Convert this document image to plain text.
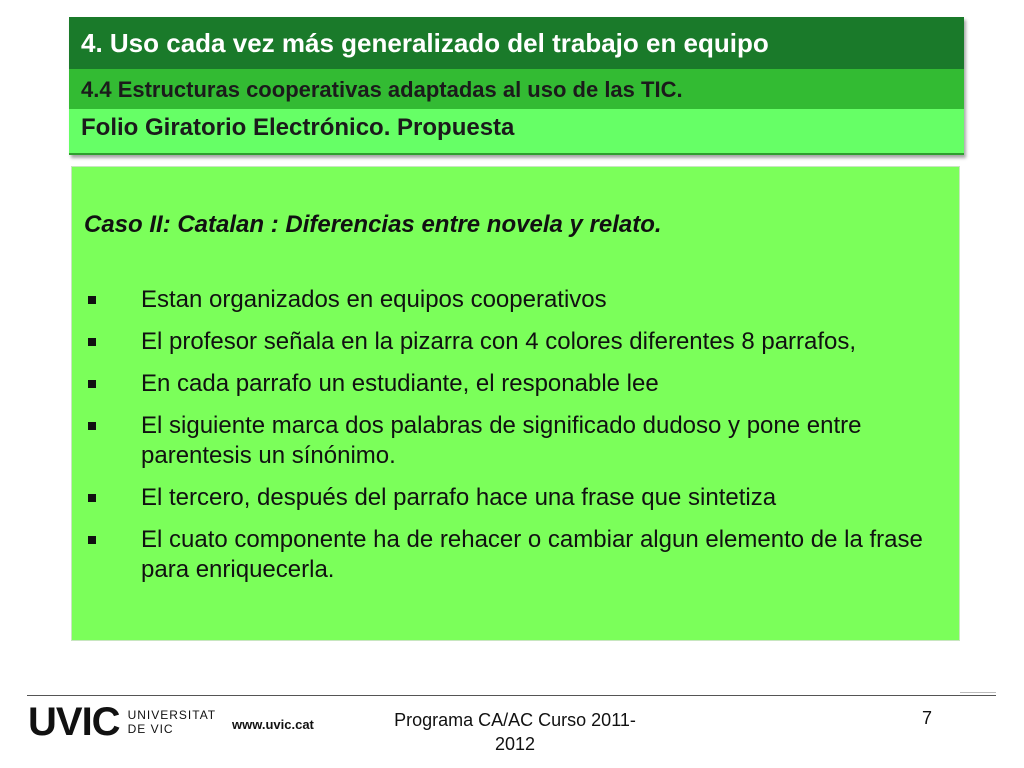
4. Uso cada vez más generalizado del trabajo en equipo
4.4 Estructuras cooperativas adaptadas al uso de las TIC.
Folio Giratorio Electrónico. Propuesta
Caso II: Catalan : Diferencias entre novela y relato.
Estan organizados en equipos cooperativos
El profesor señala en la pizarra con 4 colores diferentes 8 parrafos,
En cada parrafo un estudiante, el responable lee
El siguiente marca dos palabras de significado dudoso y pone entre parentesis un sínónimo.
El tercero, después del parrafo hace una frase que sintetiza
El cuato componente ha de rehacer o cambiar algun elemento de la frase para enriquecerla.
UVIC UNIVERSITAT
DE VIC	www.uvic.cat	Programa CA/AC Curso 2011-2012
7
